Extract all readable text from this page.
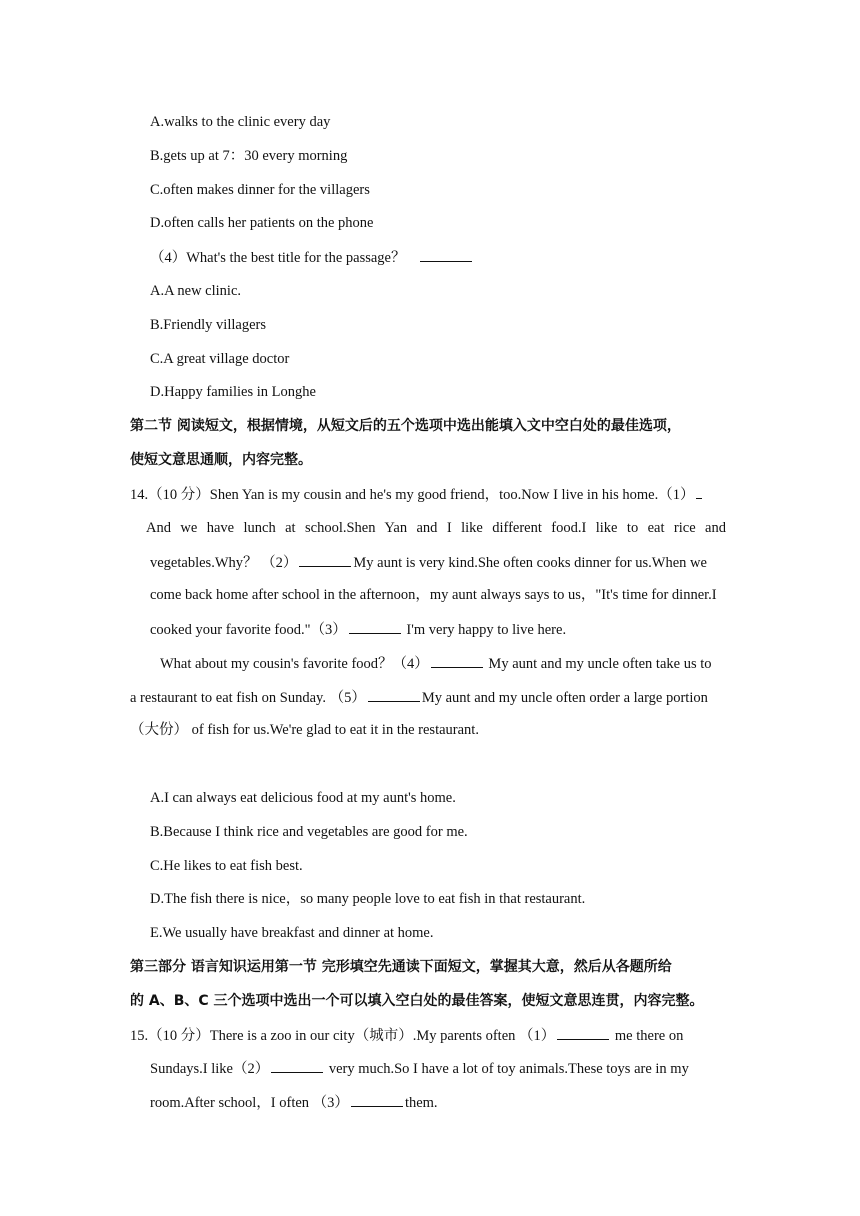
A.walks to the clinic every day
B.gets up at 7：30 every morning
C.often makes dinner for the villagers
D.often calls her patients on the phone
（4）What's the best title for the passage？
A.A new clinic.
B.Friendly villagers
C.A great village doctor
D.Happy families in Longhe
第二节 阅读短文，根据情境，从短文后的五个选项中选出能填入文中空白处的最佳选项，
使短文意思通顺，内容完整。
14.（10 分）Shen Yan is my cousin and he's my good friend，too.Now I live in his home.（1）
And we have lunch at school.Shen Yan and I like different food.I like to eat rice and
vegetables.Why？ （2）	My aunt is very kind.She often cooks dinner for us.When we
come back home after school in the afternoon，my aunt always says to us，"It's time for dinner.I
cooked your favorite food."（3）	I'm very happy to live here.
What about my cousin's favorite food？（4）	My aunt and my uncle often take us to
a restaurant to eat fish on Sunday. （5）	My aunt and my uncle often order a large portion
（大份） of fish for us.We're glad to eat it in the restaurant.
A.I can always eat delicious food at my aunt's home.
B.Because I think rice and vegetables are good for me.
C.He likes to eat fish best.
D.The fish there is nice，so many people love to eat fish in that restaurant.
E.We usually have breakfast and dinner at home.
第三部分 语言知识运用第一节 完形填空先通读下面短文，掌握其大意，然后从各题所给
的 A、B、C 三个选项中选出一个可以填入空白处的最佳答案，使短文意思连贯，内容完整。
15.（10 分）There is a zoo in our city（城市）.My parents often （1）	me there on
Sundays.I like（2）	very much.So I have a lot of toy animals.These toys are in my
room.After school，I often （3）	them.
